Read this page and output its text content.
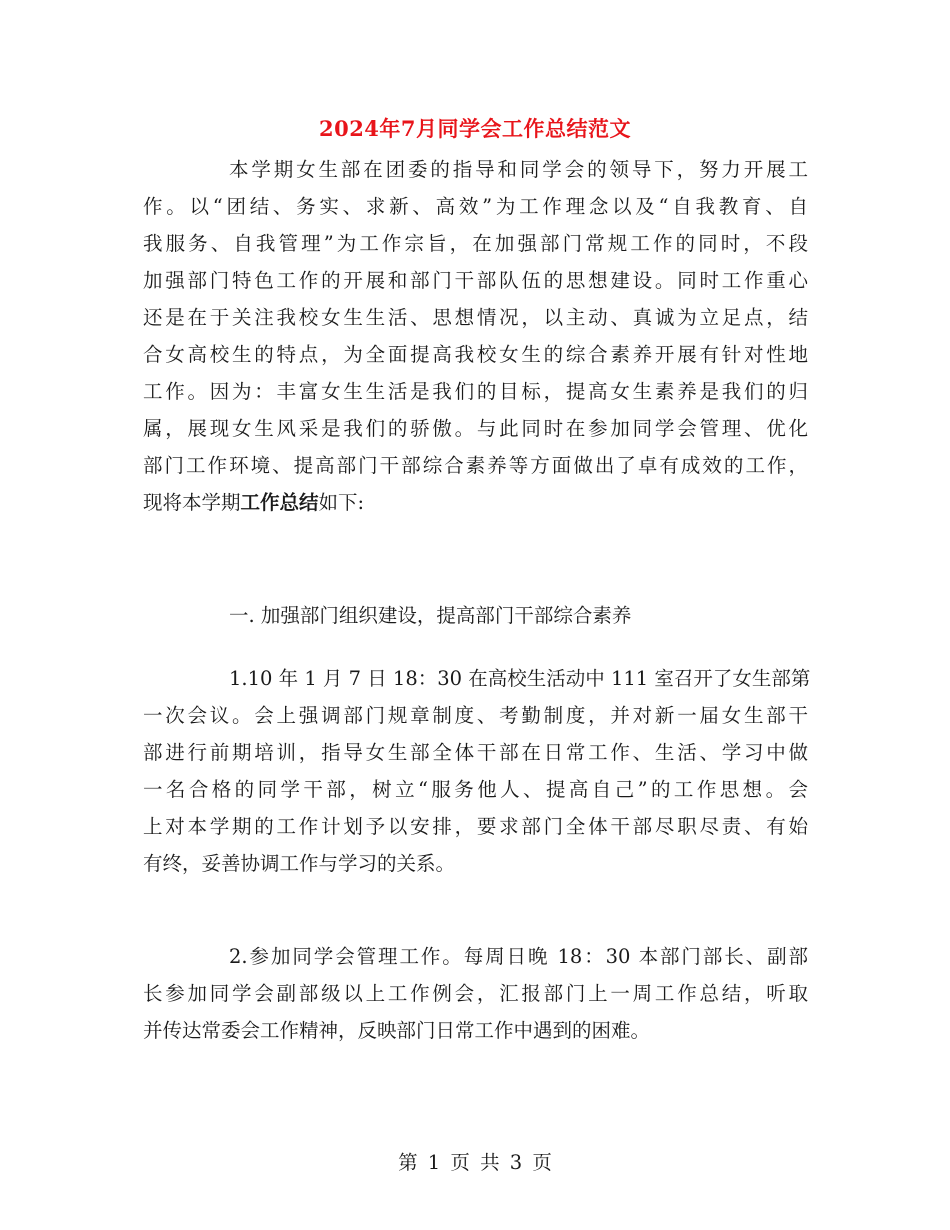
2024年7月同学会工作总结范文
本学期女生部在团委的指导和同学会的领导下，努力开展工
作。以“团结、务实、求新、高效”为工作理念以及“自我教育、自
我服务、自我管理”为工作宗旨，在加强部门常规工作的同时，不段
加强部门特色工作的开展和部门干部队伍的思想建设。同时工作重心
还是在于关注我校女生生活、思想情况，以主动、真诚为立足点，结
合女高校生的特点，为全面提高我校女生的综合素养开展有针对性地
工作。因为：丰富女生生活是我们的目标，提高女生素养是我们的归
属，展现女生风采是我们的骄傲。与此同时在参加同学会管理、优化
部门工作环境、提高部门干部综合素养等方面做出了卓有成效的工作，
现将本学期工作总结如下:
一. 加强部门组织建设，提高部门干部综合素养
1.10 年 1 月 7 日 18：30 在高校生活动中 111 室召开了女生部第
一次会议。会上强调部门规章制度、考勤制度，并对新一届女生部干
部进行前期培训，指导女生部全体干部在日常工作、生活、学习中做
一名合格的同学干部，树立“服务他人、提高自己”的工作思想。会
上对本学期的工作计划予以安排，要求部门全体干部尽职尽责、有始
有终，妥善协调工作与学习的关系。
2.参加同学会管理工作。每周日晚 18：30 本部门部长、副部
长参加同学会副部级以上工作例会，汇报部门上一周工作总结，听取
并传达常委会工作精神，反映部门日常工作中遇到的困难。
第 1 页 共 3 页
